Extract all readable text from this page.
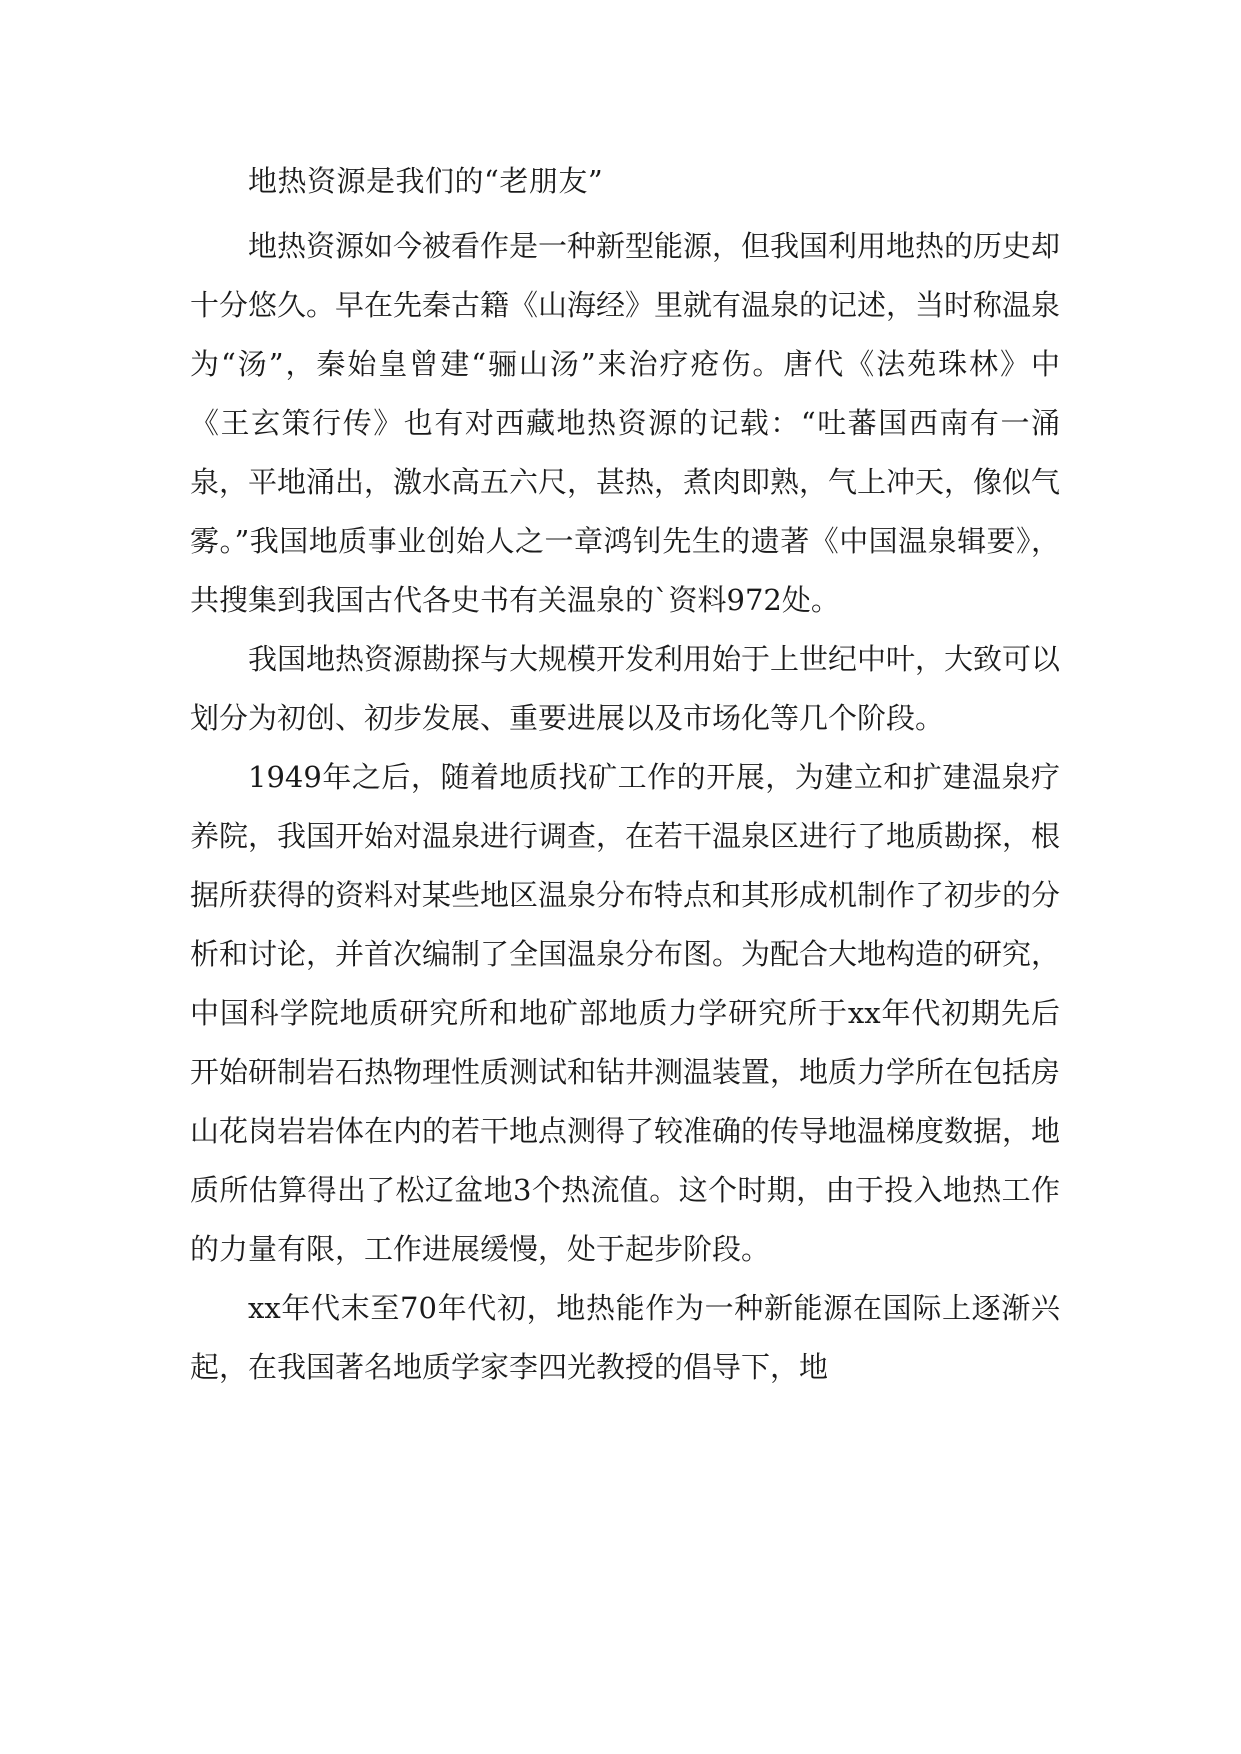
地热资源是我们的“老朋友”

地热资源如今被看作是一种新型能源，但我国利用地热的历史却十分悠久。早在先秦古籍《山海经》里就有温泉的记述，当时称温泉为“汤”，秦始皇曾建“骊山汤”来治疗疮伤。唐代《法苑珠林》中《王玄策行传》也有对西藏地热资源的记载：“吐蕃国西南有一涌泉，平地涌出，激水高五六尺，甚热，煮肉即熟，气上冲天，像似气雾。”我国地质事业创始人之一章鸿钊先生的遗著《中国温泉辑要》，共搜集到我国古代各史书有关温泉的`资料972处。

我国地热资源勘探与大规模开发利用始于上世纪中叶，大致可以划分为初创、初步发展、重要进展以及市场化等几个阶段。

1949年之后，随着地质找矿工作的开展，为建立和扩建温泉疗养院，我国开始对温泉进行调查，在若干温泉区进行了地质勘探，根据所获得的资料对某些地区温泉分布特点和其形成机制作了初步的分析和讨论，并首次编制了全国温泉分布图。为配合大地构造的研究，中国科学院地质研究所和地矿部地质力学研究所于xx年代初期先后开始研制岩石热物理性质测试和钻井测温装置，地质力学所在包括房山花岗岩岩体在内的若干地点测得了较准确的传导地温梯度数据，地质所估算得出了松辽盆地3个热流值。这个时期，由于投入地热工作的力量有限，工作进展缓慢，处于起步阶段。

xx年代末至70年代初，地热能作为一种新能源在国际上逐渐兴起，在我国著名地质学家李四光教授的倡导下，地
